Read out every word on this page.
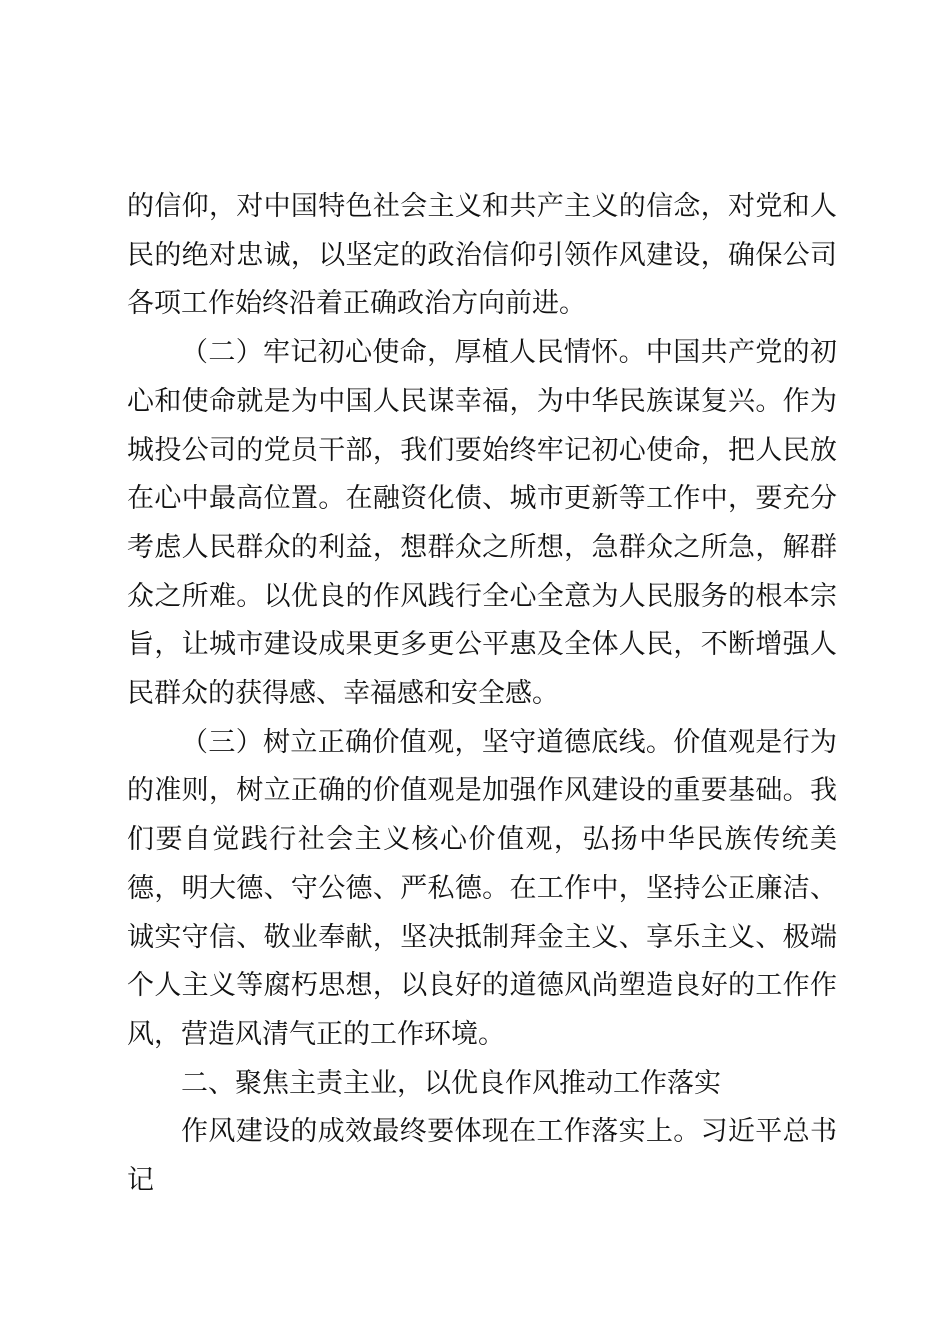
的信仰，对中国特色社会主义和共产主义的信念，对党和人民的绝对忠诚，以坚定的政治信仰引领作风建设，确保公司各项工作始终沿着正确政治方向前进。

（二）牢记初心使命，厚植人民情怀。中国共产党的初心和使命就是为中国人民谋幸福，为中华民族谋复兴。作为城投公司的党员干部，我们要始终牢记初心使命，把人民放在心中最高位置。在融资化债、城市更新等工作中，要充分考虑人民群众的利益，想群众之所想，急群众之所急，解群众之所难。以优良的作风践行全心全意为人民服务的根本宗旨，让城市建设成果更多更公平惠及全体人民，不断增强人民群众的获得感、幸福感和安全感。

（三）树立正确价值观，坚守道德底线。价值观是行为的准则，树立正确的价值观是加强作风建设的重要基础。我们要自觉践行社会主义核心价值观，弘扬中华民族传统美德，明大德、守公德、严私德。在工作中，坚持公正廉洁、诚实守信、敬业奉献，坚决抵制拜金主义、享乐主义、极端个人主义等腐朽思想，以良好的道德风尚塑造良好的工作作风，营造风清气正的工作环境。

二、聚焦主责主业，以优良作风推动工作落实

作风建设的成效最终要体现在工作落实上。习近平总书记
